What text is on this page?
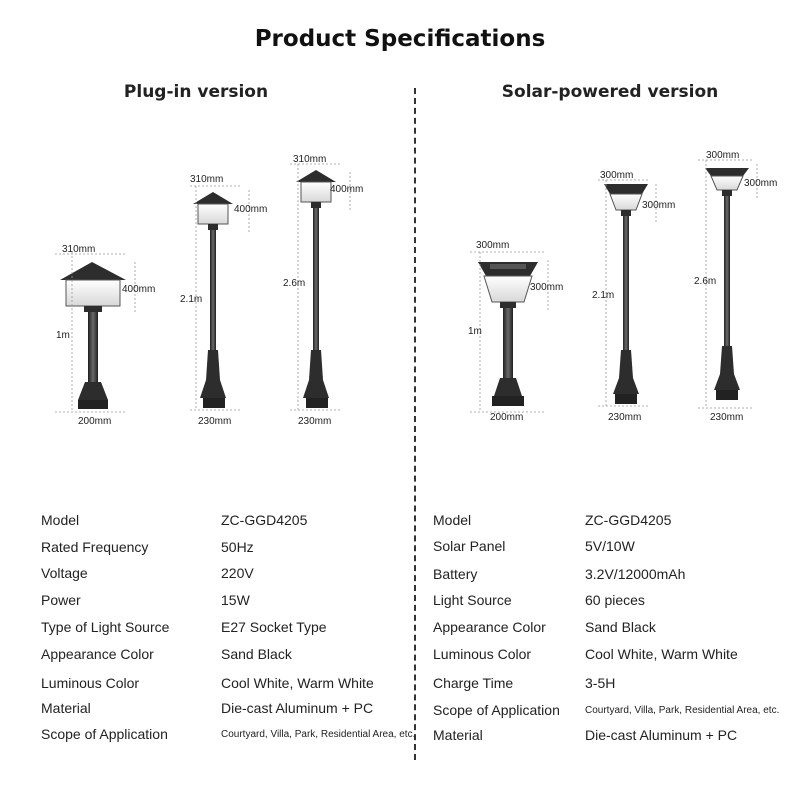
Product Specifications
Plug-in version	Solar-powered version
310mm
400mm
1m
200mm
310mm
400mm
2.1m
230mm
310mm
400mm
2.6m
230mm
300mm
300mm
1m
200mm
300mm
300mm
2.1m
230mm
300mm
300mm
2.6m
230mm
Model	ZC-GGD4205
Rated Frequency	50Hz
Voltage	220V
Power	15W
Type of Light Source	E27 Socket Type
Appearance Color	Sand Black
Luminous Color	Cool White, Warm White
Material	Die-cast Aluminum + PC
Scope of Application	Courtyard, Villa, Park, Residential Area, etc.
Model	ZC-GGD4205
Solar Panel	5V/10W
Battery	3.2V/12000mAh
Light Source	60 pieces
Appearance Color	Sand Black
Luminous Color	Cool White, Warm White
Charge Time	3-5H
Scope of Application	Courtyard, Villa, Park, Residential Area, etc.
Material	Die-cast Aluminum + PC
